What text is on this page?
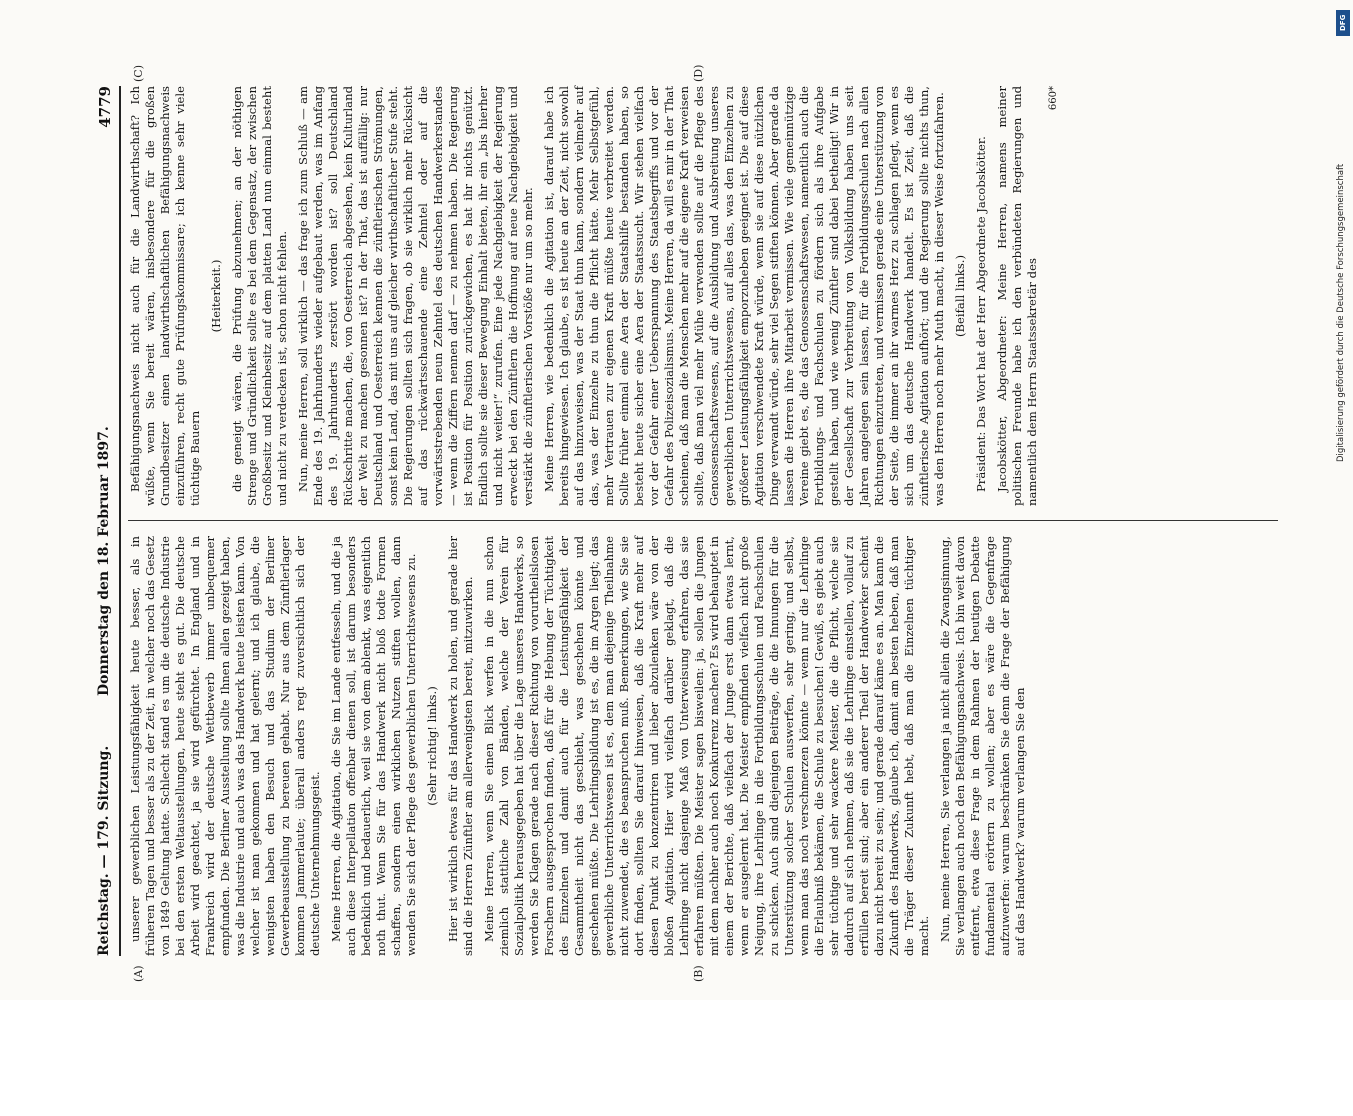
Reichstag. — 179. Sitzung.
Donnerstag den 18. Februar 1897.
4779
(A)	(B)
(C)	(D)

unserer gewerblichen Leistungsfähigkeit heute besser, als in früheren Tagen und besser als zu der Zeit, in welcher noch das Gesetz von 1849 Geltung hatte. Schlecht stand es um die deutsche Industrie bei den ersten Weltausstellungen, heute steht es gut. Die deutsche Arbeit wird geachtet, ja sie wird gefürchtet. In England und in Frankreich wird der deutsche Wettbewerb immer unbequemer empfunden. Die Berliner Ausstellung sollte Ihnen allen gezeigt haben, was die Industrie und auch was das Handwerk heute leisten kann. Von welcher ist man gekommen und hat gelernt; und ich glaube, die wenigsten haben den Besuch und das Studium der Berliner Gewerbeausstellung zu bereuen gehabt. Nur aus dem Zünftlerlager kommen Jammerlaute; überall anders regt zuversichtlich sich der deutsche Unternehmungsgeist. Meine Herren, die Agitation, die Sie im Lande entfesseln, und die ja auch diese Interpellation offenbar dienen soll, ist darum besonders bedenklich und bedauerlich, weil sie von dem ablenkt, was eigentlich noth thut. Wenn Sie für das Handwerk nicht bloß todte Formen schaffen, sondern einen wirklichen Nutzen stiften wollen, dann wenden Sie sich der Pflege des gewerblichen Unterrichtswesens zu. (Sehr richtig! links.) Hier ist wirklich etwas für das Handwerk zu holen, und gerade hier sind die Herren Zünftler am allerwenigsten bereit, mitzuwirken. Meine Herren, wenn Sie einen Blick werfen in die nun schon ziemlich stattliche Zahl von Bänden, welche der Verein für Sozialpolitik herausgegeben hat über die Lage unseres Handwerks, so werden Sie Klagen gerade nach dieser Richtung von vorurtheilslosen Forschern ausgesprochen finden, daß für die Hebung der Tüchtigkeit des Einzelnen und damit auch für die Leistungsfähigkeit der Gesammtheit nicht das geschieht, was geschehen könnte und geschehen müßte. Die Lehrlingsbildung ist es, die im Argen liegt; das gewerbliche Unterrichtswesen ist es, dem man diejenige Theilnahme nicht zuwendet, die es beanspruchen muß. Bemerkungen, wie Sie sie dort finden, sollten Sie darauf hinweisen, daß die Kraft mehr auf diesen Punkt zu konzentriren und lieber abzulenken wäre von der bloßen Agitation. Hier wird vielfach darüber geklagt, daß die Lehrlinge nicht dasjenige Maß von Unterweisung erfahren, das sie erfahren müßten. Die Meister sagen bisweilen: ja, sollen die Jungen mit dem nachher auch noch Konkurrenz machen? Es wird behauptet in einem der Berichte, daß vielfach der Junge erst dann etwas lernt, wenn er ausgelernt hat. Die Meister empfinden vielfach nicht große Neigung, ihre Lehrlinge in die Fortbildungsschulen und Fachschulen zu schicken. Auch sind diejenigen Beiträge, die die Innungen für die Unterstützung solcher Schulen auswerfen, sehr gering; und selbst, wenn man das noch verschmerzen könnte — wenn nur die Lehrlinge die Erlaubniß bekämen, die Schule zu besuchen! Gewiß, es giebt auch sehr tüchtige und sehr wackere Meister, die die Pflicht, welche sie dadurch auf sich nehmen, daß sie die Lehrlinge einstellen, vollauf zu erfüllen bereit sind; aber ein anderer Theil der Handwerker scheint dazu nicht bereit zu sein; und gerade darauf käme es an. Man kann die Zukunft des Handwerks, glaube ich, damit am besten heben, daß man die Träger dieser Zukunft hebt, daß man die Einzelnen tüchtiger macht. Nun, meine Herren, Sie verlangen ja nicht allein die Zwangsinnung, Sie verlangen auch noch den Befähigungsnachweis. Ich bin weit davon entfernt, etwa diese Frage in dem Rahmen der heutigen Debatte fundamental erörtern zu wollen; aber es wäre die Gegenfrage aufzuwerfen: warum beschränken Sie denn die Frage der Befähigung auf das Handwerk? warum verlangen Sie den

Befähigungsnachweis nicht auch für die Landwirthschaft? Ich wüßte, wenn Sie bereit wären, insbesondere für die großen Grundbesitzer einen landwirthschaftlichen Befähigungsnachweis einzuführen, recht gute Prüfungskommissare; ich kenne sehr viele tüchtige Bauern

(Heiterkeit.) die geneigt wären, die Prüfung abzunehmen; an der nöthigen Strenge und Gründlichkeit sollte es bei dem Gegensatz, der zwischen Großbesitz und Kleinbesitz auf dem platten Land nun einmal besteht und nicht zu verdecken ist, schon nicht fehlen. Nun, meine Herren, soll wirklich — das frage ich zum Schluß — am Ende des 19. Jahrhunderts wieder aufgebaut werden, was im Anfang des 19. Jahrhunderts zerstört worden ist? soll Deutschland Rückschritte machen, die, von Oesterreich abgesehen, kein Kulturland der Welt zu machen gesonnen ist? In der That, das ist auffällig: nur Deutschland und Oesterreich kennen die zünftlerischen Strömungen, sonst kein Land, das mit uns auf gleicher wirthschaftlicher Stufe steht. Die Regierungen sollten sich fragen, ob sie wirklich mehr Rücksicht auf das rückwärtsschauende eine Zehntel oder auf die vorwärtsstrebenden neun Zehntel des deutschen Handwerkerstandes — wenn die Ziffern nennen darf — zu nehmen haben. Die Regierung ist Position für Position zurückgewichen, es hat ihr nichts genützt. Endlich sollte sie dieser Bewegung Einhalt bieten, ihr ein „bis hierher und nicht weiter!“ zurufen. Eine jede Nachgiebigkeit der Regierung erweckt bei den Zünftlern die Hoffnung auf neue Nachgiebigkeit und verstärkt die zünftlerischen Vorstöße nur um so mehr. Meine Herren, wie bedenklich die Agitation ist, darauf habe ich bereits hingewiesen. Ich glaube, es ist heute an der Zeit, nicht sowohl auf das hinzuweisen, was der Staat thun kann, sondern vielmehr auf das, was der Einzelne zu thun die Pflicht hätte. Mehr Selbstgefühl, mehr Vertrauen zur eigenen Kraft müßte heute verbreitet werden. Sollte früher einmal eine Aera der Staatshilfe bestanden haben, so besteht heute sicher eine Aera der Staatssucht. Wir stehen vielfach vor der Gefahr einer Ueberspannung des Staatsbegriffs und vor der Gefahr des Polizeisozialismus. Meine Herren, da will es mir in der That scheinen, daß man die Menschen mehr auf die eigene Kraft verweisen sollte, daß man viel mehr Mühe verwenden sollte auf die Pflege des Genossenschaftswesens, auf die Ausbildung und Ausbreitung unseres gewerblichen Unterrichtswesens, auf alles das, was den Einzelnen zu größerer Leistungsfähigkeit emporzuheben geeignet ist. Die auf diese Agitation verschwendete Kraft würde, wenn sie auf diese nützlichen Dinge verwandt würde, sehr viel Segen stiften können. Aber gerade da lassen die Herren ihre Mitarbeit vermissen. Wie viele gemeinnützige Vereine giebt es, die das Genossenschaftswesen, namentlich auch die Fortbildungs- und Fachschulen zu fördern sich als ihre Aufgabe gestellt haben, und wie wenig Zünftler sind dabei betheiligt! Wir in der Gesellschaft zur Verbreitung von Volksbildung haben uns seit Jahren angelegen sein lassen, für die Fortbildungsschulen nach allen Richtungen einzutreten, und vermissen gerade eine Unterstützung von der Seite, die immer an ihr warmes Herz zu schlagen pflegt, wenn es sich um das deutsche Handwerk handelt. Es ist Zeit, daß die zünftlerische Agitation aufhört; und die Regierung sollte nichts thun, was den Herren noch mehr Muth macht, in dieser Weise fortzufahren. (Beifall links.) Präsident: Das Wort hat der Herr Abgeordnete Jacobskötter. Jacobskötter, Abgeordneter: Meine Herren, namens meiner politischen Freunde habe ich den verbündeten Regierungen und namentlich dem Herrn Staatssekretär des

660*

DFG
Digitalisierung gefördert durch die Deutsche Forschungsgemeinschaft
